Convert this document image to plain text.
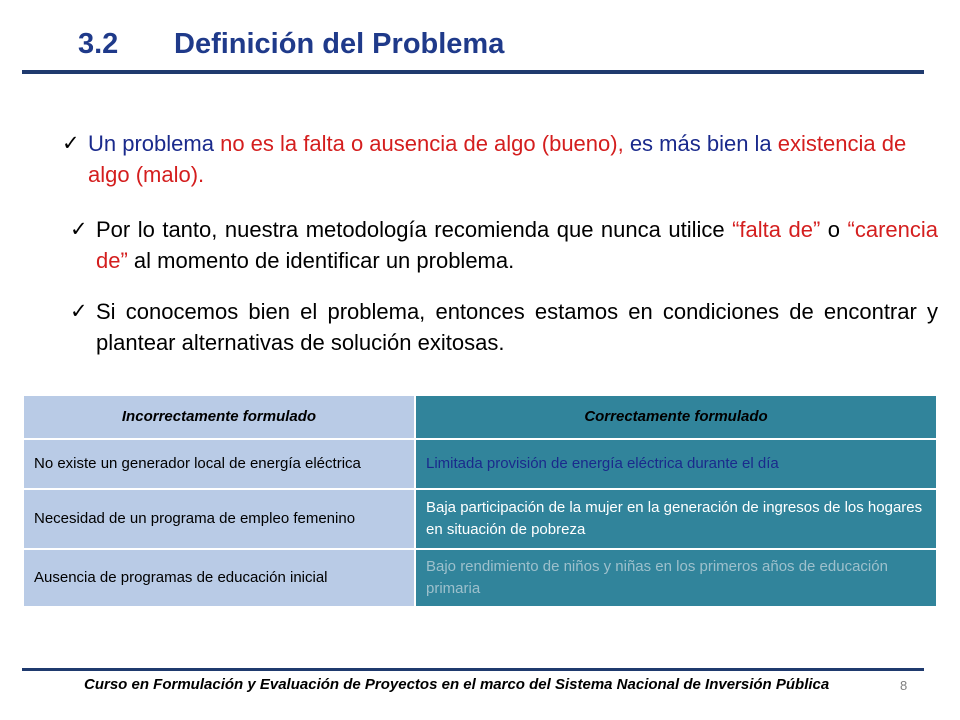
3.2 Definición del Problema
✓ Un problema no es la falta o ausencia de algo (bueno), es más bien la existencia de algo (malo).
✓ Por lo tanto, nuestra metodología recomienda que nunca utilice “falta de” o “carencia de” al momento de identificar un problema.
✓ Si conocemos bien el problema, entonces estamos en condiciones de encontrar y plantear alternativas de solución exitosas.
Incorrectamente formulado	Correctamente formulado
No existe un generador local de energía eléctrica	Limitada provisión de energía eléctrica durante el día
Necesidad de un programa de empleo femenino	Baja participación de la mujer en la generación de ingresos de los hogares en situación de pobreza
Ausencia de programas de educación inicial	Bajo rendimiento de niños y niñas en los primeros años de educación primaria
Curso en Formulación y Evaluación de Proyectos en el marco del Sistema Nacional de Inversión Pública	8
